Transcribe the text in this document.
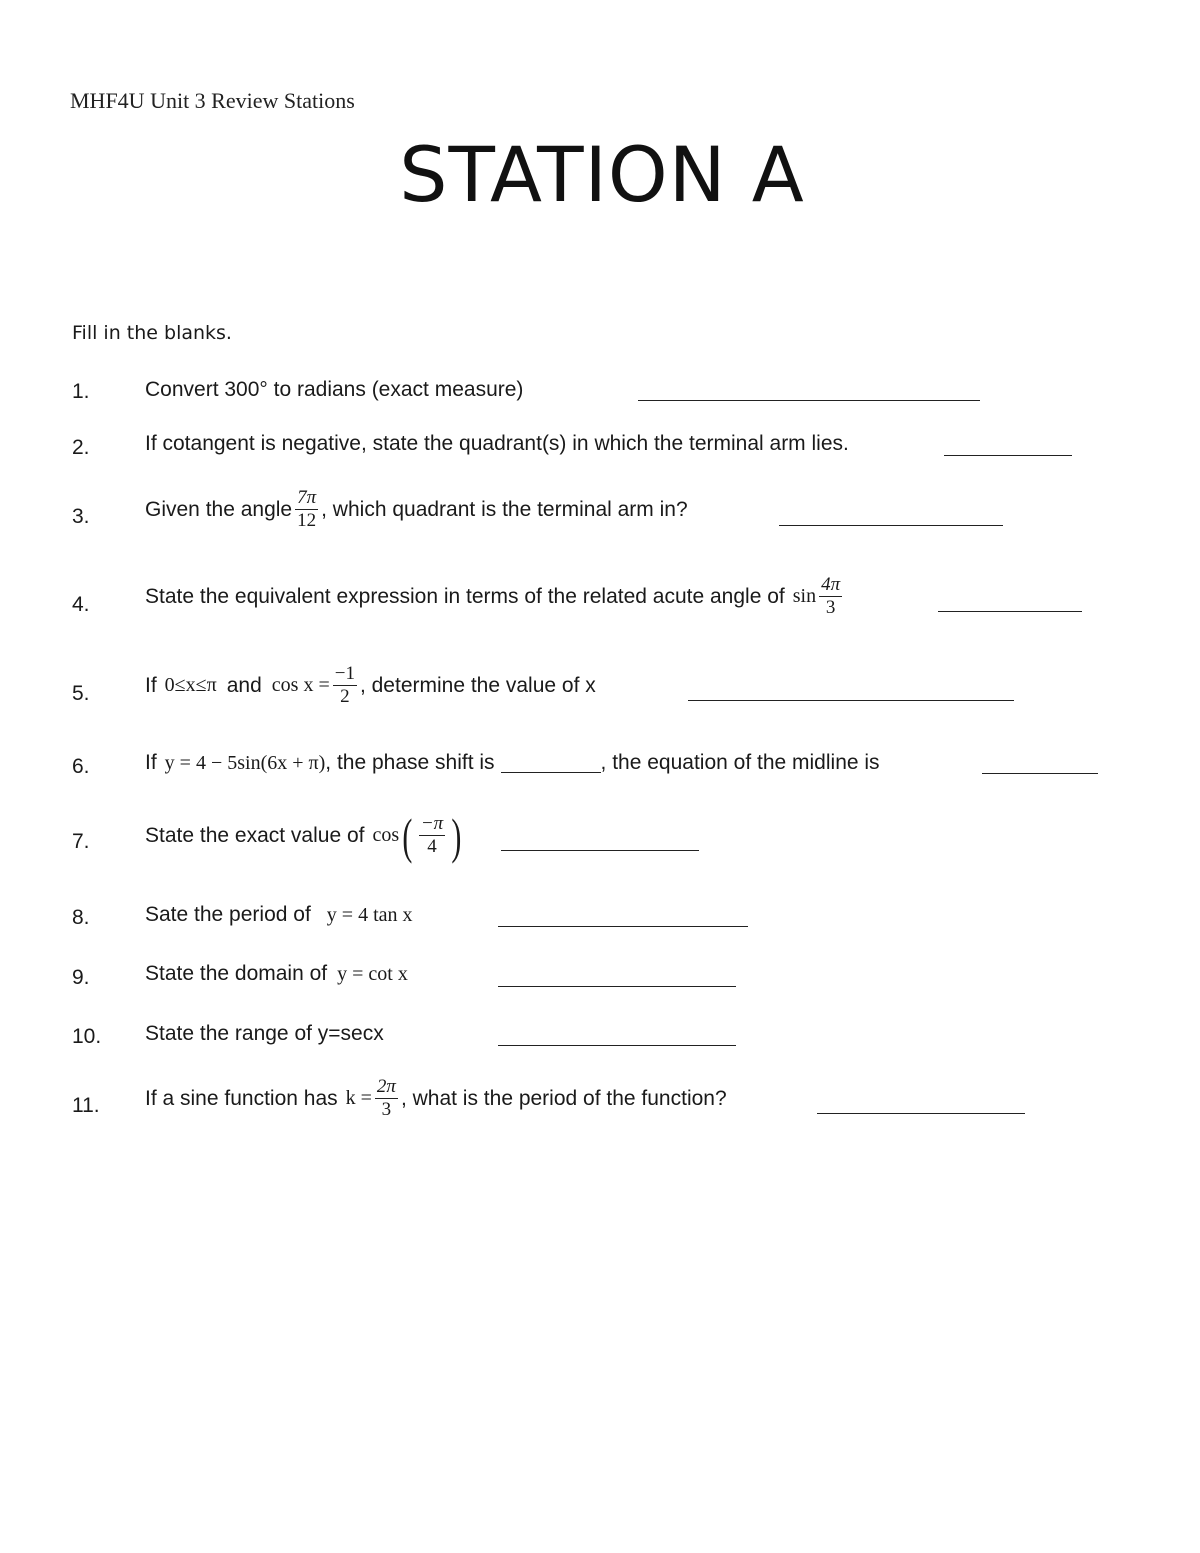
MHF4U Unit 3 Review Stations
STATION A
Fill in the blanks.
1.	Convert 300° to radians (exact measure)
2.	If cotangent is negative, state the quadrant(s) in which the terminal arm lies.
3.	Given the angle $\frac{7\pi}{12}$ , which quadrant is the terminal arm in?
4.	State the equivalent expression in terms of the related acute angle of $\sin \frac{4\pi}{3}$
5.	If 0≤x≤π and $\cos x = \frac{-1}{2}$ , determine the value of x
6.	If y = 4 − 5sin(6x + π) , the phase shift is	, the equation of the midline is
7.	State the exact value of cos ( $\frac{-\pi}{4}$ )
8.	Sate the period of y = 4 tan x
9.	State the domain of y = cot x
10. State the range of y=secx
11. If a sine function has $k = \frac{2\pi}{3}$ , what is the period of the function?
